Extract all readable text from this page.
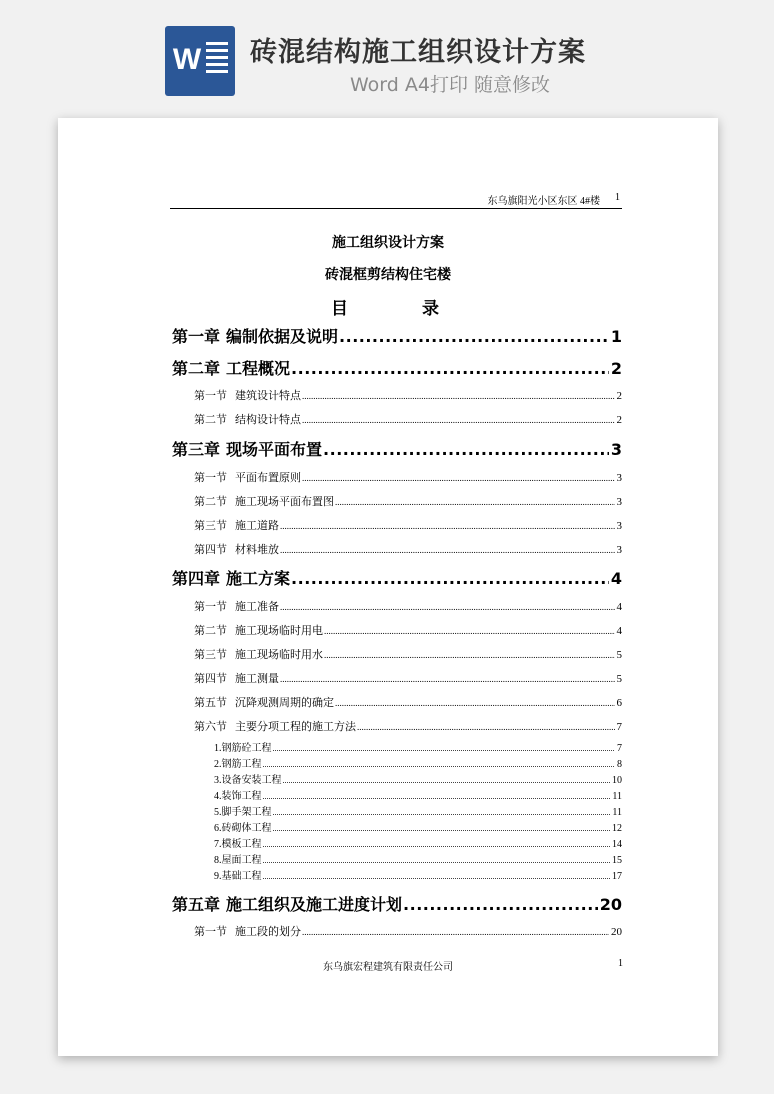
W 砖混结构施工组织设计方案
Word A4打印 随意修改
东乌旗阳光小区东区 4#楼 1
施工组织设计方案
砖混框剪结构住宅楼
目	录
第一章 编制依据及说明 .....	1
第二章 工程概况 .....	2
第一节 建筑设计特点 .....	2
第二节 结构设计特点 .....	2
第三章 现场平面布置 .....	3
第一节 平面布置原则 .....	3
第二节 施工现场平面布置图 .....	3
第三节 施工道路 .....	3
第四节 材料堆放 .....	3
第四章 施工方案 .....	4
第一节 施工准备 .....	4
第二节 施工现场临时用电 .....	4
第三节 施工现场临时用水 .....	5
第四节 施工测量 .....	5
第五节 沉降观测周期的确定 .....	6
第六节 主要分项工程的施工方法 .....	7
1. 钢筋砼工程 .....	7
2. 钢筋工程 .....	8
3. 设备安装工程 .....	10
4. 装饰工程 .....	11
5. 脚手架工程 .....	11
6. 砖砌体工程 .....	12
7. 模板工程 .....	14
8. 屋面工程 .....	15
9. 基础工程 .....	17
第五章 施工组织及施工进度计划 .....	20
第一节 施工段的划分 .....	20
东乌旗宏程建筑有限责任公司	1
